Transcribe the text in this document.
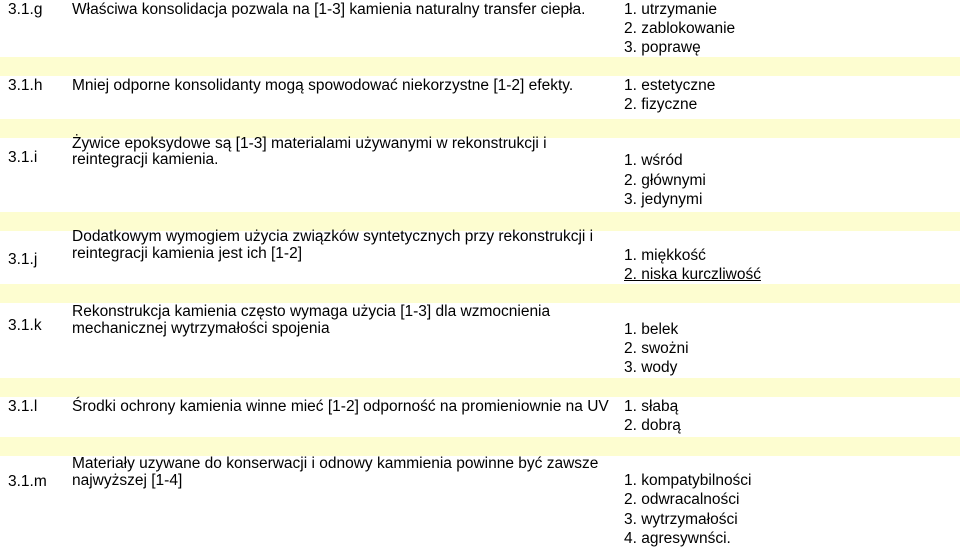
3.1.g Właściwa konsolidacja pozwala na [1-3] kamienia naturalny transfer ciepła. 1. utrzymanie
2. zablokowanie
3. poprawę
3.1.h Mniej odporne konsolidanty mogą spowodować niekorzystne [1-2] efekty.	1. estetyczne
2. fizyczne
3.1.i
Żywice epoksydowe są [1-3] materialami używanymi w rekonstrukcji i
reintegracji kamienia.	1. wśród
2. głównymi
3. jedynymi
3.1.j
Dodatkowym wymogiem użycia związków syntetycznych przy rekonstrukcji i
reintegracji kamienia jest ich [1-2]	1. miękkość
2. niska kurczliwość
3.1.k
Rekonstrukcja kamienia często wymaga użycia [1-3] dla wzmocnienia
mechanicznej wytrzymałości spojenia	1. belek
2. swożni
3. wody
3.1.l Środki ochrony kamienia winne mieć [1-2] odporność na promieniownie na UV 1. słabą
2. dobrą
3.1.m
Materiały uzywane do konserwacji i odnowy kammienia powinne być zawsze
najwyższej [1-4]	1. kompatybilności
2. odwracalności
3. wytrzymałości
4. agresywnści.
